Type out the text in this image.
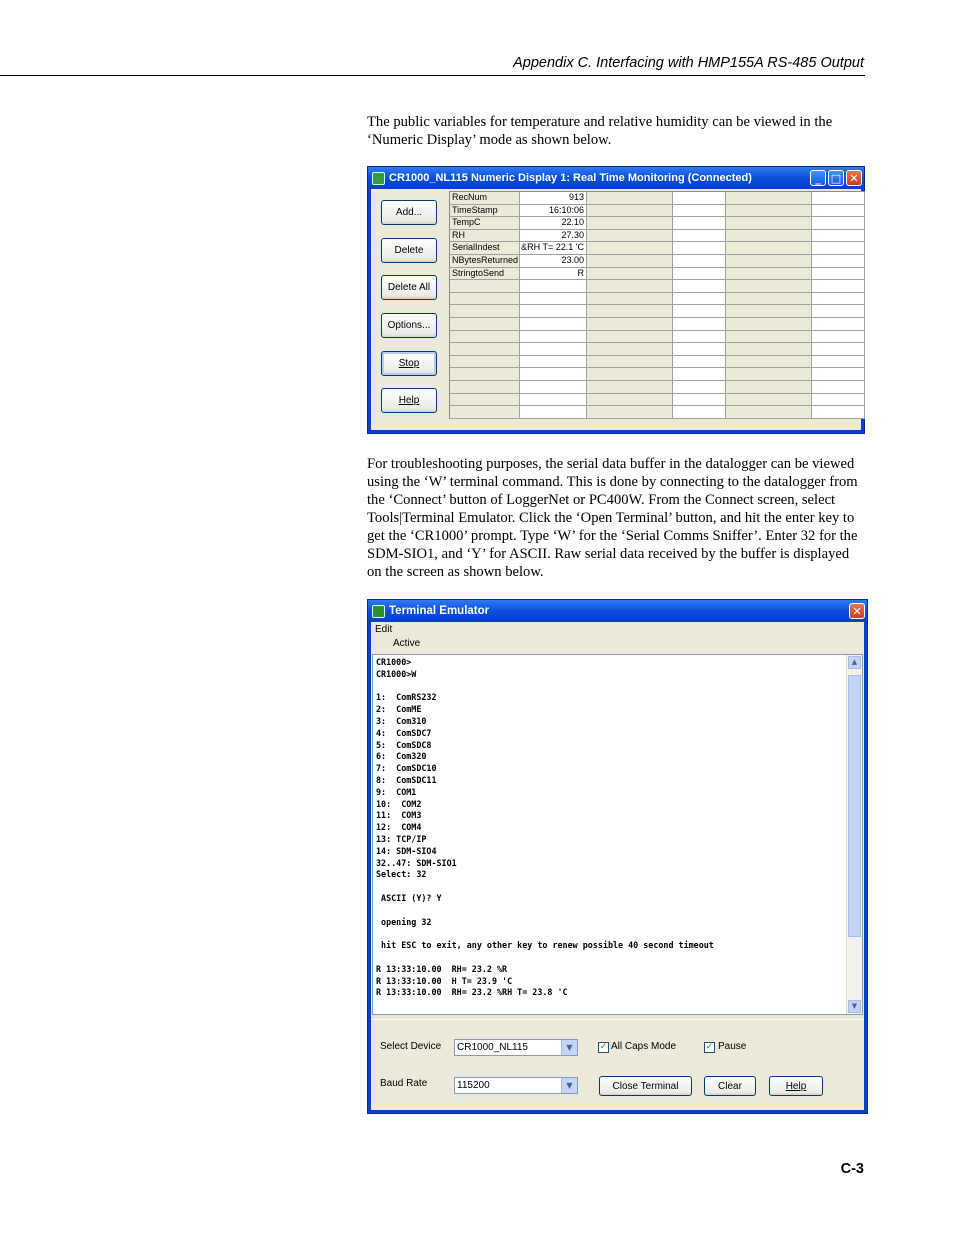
Appendix C. Interfacing with HMP155A RS-485 Output
The public variables for temperature and relative humidity can be viewed in the ‘Numeric Display’ mode as shown below.
CR1000_NL115 Numeric Display 1: Real Time Monitoring (Connected)	_ □ ✕
Add...
Delete
Delete All
Options...
Stop
Help
RecNum	913
TimeStamp	16:10:06
TempC	22.10
RH	27.30
SerialIndest	&RH T= 22.1 'C
NBytesReturned	23.00
StringtoSend	R
For troubleshooting purposes, the serial data buffer in the datalogger can be viewed using the ‘W’ terminal command. This is done by connecting to the datalogger from the ‘Connect’ button of LoggerNet or PC400W. From the Connect screen, select Tools|Terminal Emulator. Click the ‘Open Terminal’ button, and hit the enter key to get the ‘CR1000’ prompt. Type ‘W’ for the ‘Serial Comms Sniffer’. Enter 32 for the SDM-SIO1, and ‘Y’ for ASCII. Raw serial data received by the buffer is displayed on the screen as shown below.
Terminal Emulator	✕
Edit
Active
CR1000>
CR1000>W
1:  ComRS232
2:  ComME
3:  Com310
4:  ComSDC7
5:  ComSDC8
6:  Com320
7:  ComSDC10
8:  ComSDC11
9:  COM1
10:  COM2
11:  COM3
12:  COM4
13: TCP/IP
14: SDM-SIO4
32..47: SDM-SIO1
Select: 32
ASCII (Y)? Y
opening 32
hit ESC to exit, any other key to renew possible 40 second timeout
R 13:33:10.00  RH= 23.2 %R
R 13:33:10.00  H T= 23.9 'C
R 13:33:10.00  RH= 23.2 %RH T= 23.8 'C
▲
▼
Select Device	CR1000_NL115	▼	✓ All Caps Mode	✓ Pause
Baud Rate	115200	▼	Close Terminal	Clear	Help
C-3
